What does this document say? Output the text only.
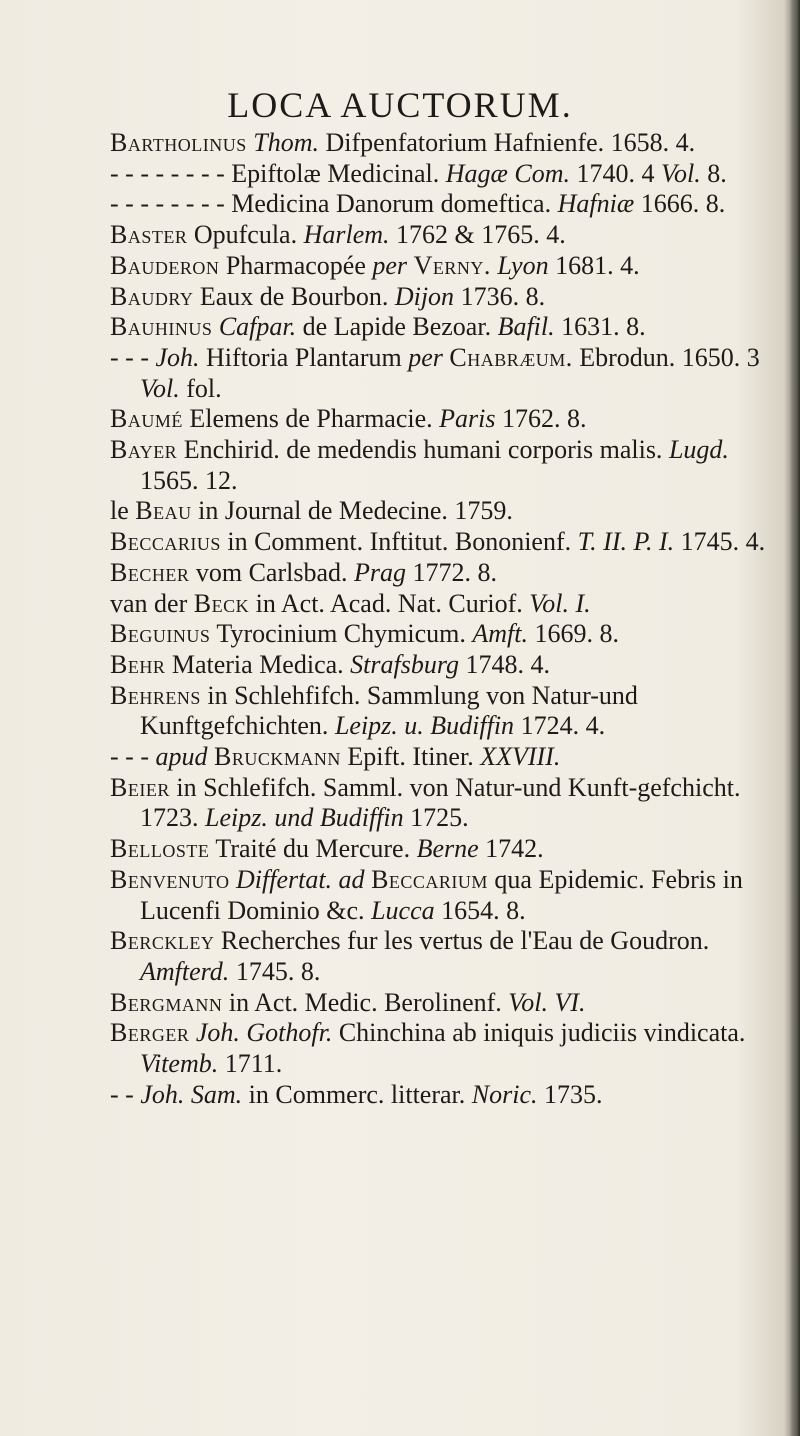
LOCA AUCTORUM.
Bartholinus Thom. Difpenfatorium Hafnienfe. 1658. 4.
- - - - - - - - Epiftolæ Medicinal. Hagæ Com. 1740. 4 Vol. 8.
- - - - - - - - Medicina Danorum domeftica. Hafniæ 1666. 8.
Baster Opufcula. Harlem. 1762 & 1765. 4.
Bauderon Pharmacopée per Verny. Lyon 1681. 4.
Baudry Eaux de Bourbon. Dijon 1736. 8.
Bauhinus Cafpar. de Lapide Bezoar. Bafil. 1631. 8.
- - - Joh. Hiftoria Plantarum per Chabræum. Ebrodun. 1650. 3 Vol. fol.
Baumé Elemens de Pharmacie. Paris 1762. 8.
Bayer Enchirid. de medendis humani corporis malis. Lugd. 1565. 12.
le Beau in Journal de Medecine. 1759.
Beccarius in Comment. Inftitut. Bononienf. T. II. P. I. 1745. 4.
Becher vom Carlsbad. Prag 1772. 8.
van der Beck in Act. Acad. Nat. Curiof. Vol. I.
Beguinus Tyrocinium Chymicum. Amft. 1669. 8.
Behr Materia Medica. Strafsburg 1748. 4.
Behrens in Schlehfifch. Sammlung von Natur-und Kunftgefchichten. Leipz. u. Budiffin 1724. 4.
- - - apud Bruckmann Epift. Itiner. XXVIII.
Beier in Schlefifch. Samml. von Natur-und Kunft-gefchicht. 1723. Leipz. und Budiffin 1725.
Belloste Traité du Mercure. Berne 1742.
Benvenuto Differtat. ad Beccarium qua Epidemic. Febris in Lucenfi Dominio &c. Lucca 1654. 8.
Berckley Recherches fur les vertus de l'Eau de Goudron. Amfterd. 1745. 8.
Bergmann in Act. Medic. Berolinenf. Vol. VI.
Berger Joh. Gothofr. Chinchina ab iniquis judiciis vindicata. Vitemb. 1711.
- - Joh. Sam. in Commerc. litterar. Noric. 1735.
